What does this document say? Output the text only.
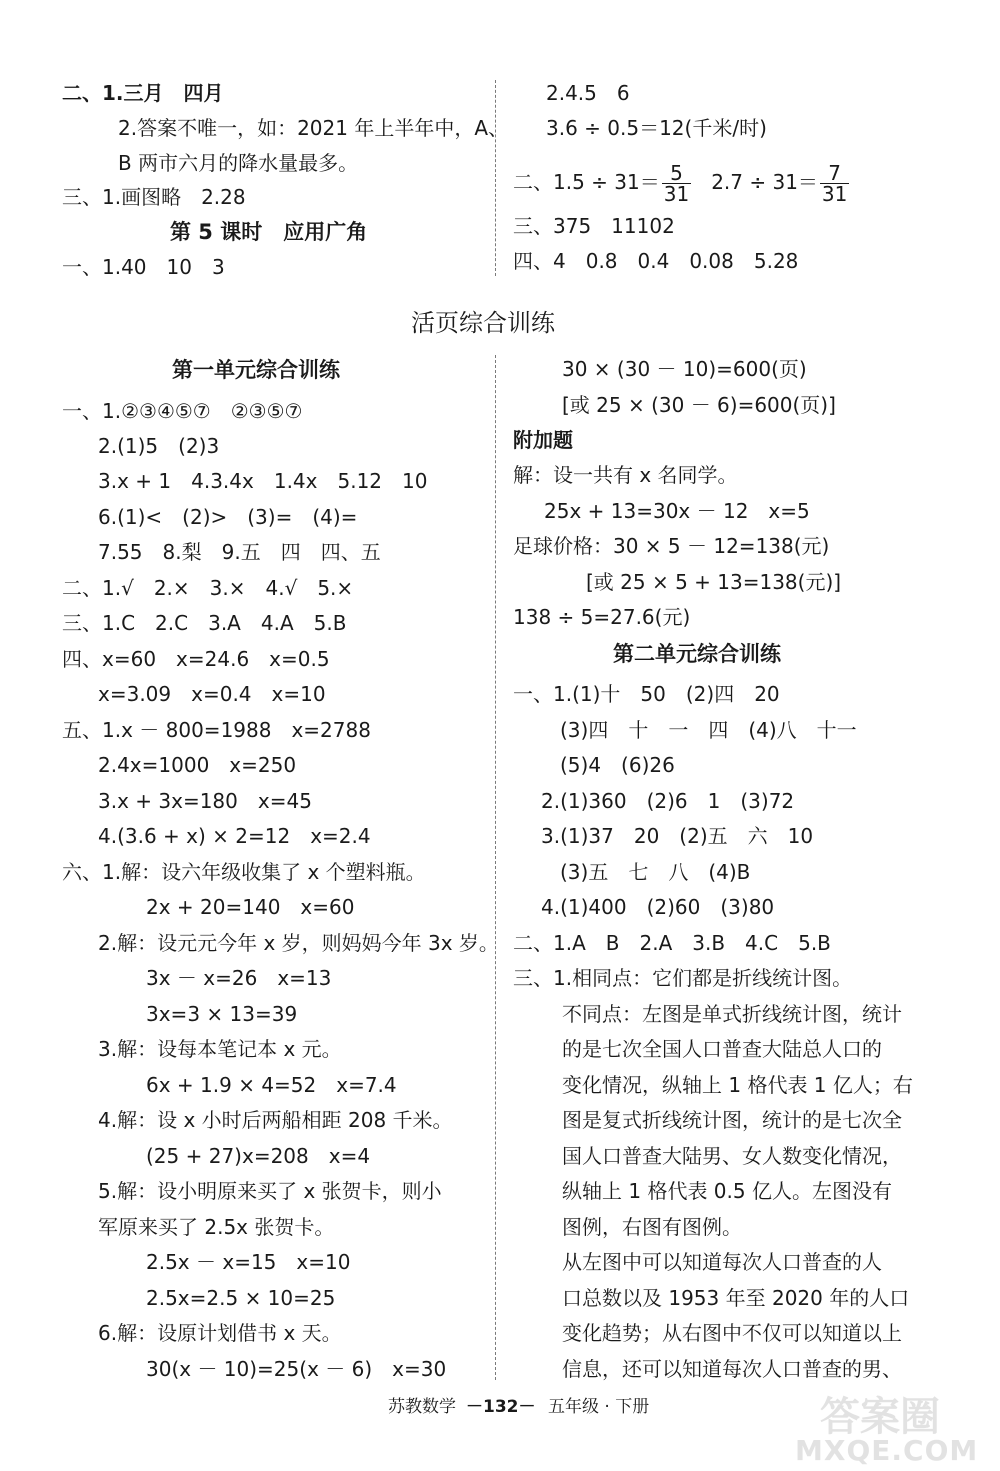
二、1.三月　四月
2.答案不唯一，如：2021 年上半年中，A、
B 两市六月的降水量最多。
三、1.画图略　2.28
第 5 课时　应用广角
一、1.40　10　3
2.4.5　6
3.6 ÷ 0.5＝12(千米/时)
二、$1.5 \div 31= \frac{5}{31} 2.7 \div 31= \frac{7}{31}$
三、375　11102
四、4　0.8　0.4　0.08　5.28
活页综合训练
第一单元综合训练
一、1.②③④⑤⑦　②③⑤⑦
2.(1)5　(2)3
3.x + 1　4.3.4x　1.4x　5.12　10
6.(1)<　(2)>　(3)=　(4)=
7.55　8.梨　9.五　四　四、五
二、1.√　2.×　3.×　4.√　5.×
三、1.C　2.C　3.A　4.A　5.B
四、x=60　x=24.6　x=0.5
x=3.09　x=0.4　x=10
五、1.x － 800=1988　x=2788
2.4x=1000　x=250
3.x + 3x=180　x=45
4.(3.6 + x) × 2=12　x=2.4
六、1.解：设六年级收集了 x 个塑料瓶。
2x + 20=140　x=60
2.解：设元元今年 x 岁，则妈妈今年 3x 岁。
3x － x=26　x=13
3x=3 × 13=39
3.解：设每本笔记本 x 元。
6x + 1.9 × 4=52　x=7.4
4.解：设 x 小时后两船相距 208 千米。
(25 + 27)x=208　x=4
5.解：设小明原来买了 x 张贺卡，则小
军原来买了 2.5x 张贺卡。
2.5x － x=15　x=10
2.5x=2.5 × 10=25
6.解：设原计划借书 x 天。
30(x － 10)=25(x － 6)　x=30
30 × (30 － 10)=600(页)
[或 25 × (30 － 6)=600(页)]
附加题
解：设一共有 x 名同学。
25x + 13=30x － 12　x=5
足球价格：30 × 5 － 12=138(元)
[或 25 × 5 + 13=138(元)]
138 ÷ 5=27.6(元)
第二单元综合训练
一、1.(1)十　50　(2)四　20
(3)四　十　一　四　(4)八　十一
(5)4　(6)26
2.(1)360　(2)6　1　(3)72
3.(1)37　20　(2)五　六　10
(3)五　七　八　(4)B
4.(1)400　(2)60　(3)80
二、1.A　B　2.A　3.B　4.C　5.B
三、1.相同点：它们都是折线统计图。
不同点：左图是单式折线统计图，统计
的是七次全国人口普查大陆总人口的
变化情况，纵轴上 1 格代表 1 亿人；右
图是复式折线统计图，统计的是七次全
国人口普查大陆男、女人数变化情况，
纵轴上 1 格代表 0.5 亿人。左图没有
图例，右图有图例。
从左图中可以知道每次人口普查的人
口总数以及 1953 年至 2020 年的人口
变化趋势；从右图中不仅可以知道以上
信息，还可以知道每次人口普查的男、
苏教数学 －132－ 五年级 · 下册	答案圈
MXQE.COM
